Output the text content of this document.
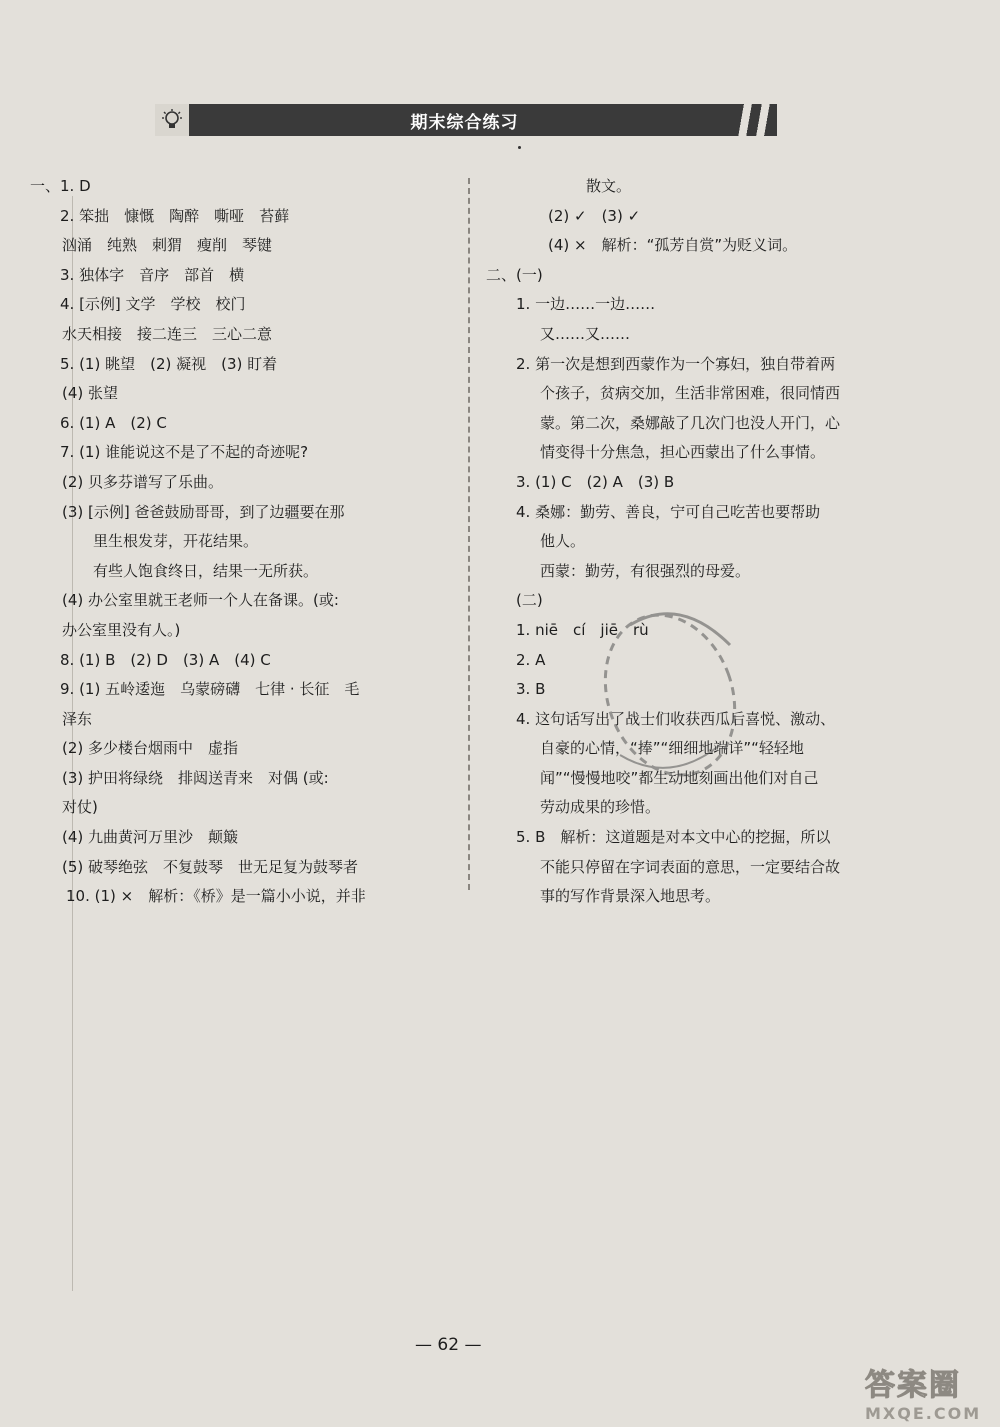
期末综合练习
一、1. D
2. 笨拙　慷慨　陶醉　嘶哑　苔藓
汹涌　纯熟　刺猬　瘦削　琴键
3. 独体字　音序　部首　横
4. [示例] 文学　学校　校门
水天相接　接二连三　三心二意
5. (1) 眺望　(2) 凝视　(3) 盯着
(4) 张望
6. (1) A　(2) C
7. (1) 谁能说这不是了不起的奇迹呢?
(2) 贝多芬谱写了乐曲。
(3) [示例] 爸爸鼓励哥哥，到了边疆要在那
里生根发芽，开花结果。
有些人饱食终日，结果一无所获。
(4) 办公室里就王老师一个人在备课。(或:
办公室里没有人。)
8. (1) B　(2) D　(3) A　(4) C
9. (1) 五岭逶迤　乌蒙磅礴　七律 · 长征　毛
泽东
(2) 多少楼台烟雨中　虚指
(3) 护田将绿绕　排闼送青来　对偶 (或:
对仗)
(4) 九曲黄河万里沙　颠簸
(5) 破琴绝弦　不复鼓琴　世无足复为鼓琴者
10. (1) ×　解析：《桥》是一篇小小说，并非
散文。
(2) ✓　(3) ✓
(4) ×　解析：“孤芳自赏”为贬义词。
二、(一)
1. 一边……一边……
又……又……
2. 第一次是想到西蒙作为一个寡妇，独自带着两
个孩子，贫病交加，生活非常困难，很同情西
蒙。第二次，桑娜敲了几次门也没人开门，心
情变得十分焦急，担心西蒙出了什么事情。
3. (1) C　(2) A　(3) B
4. 桑娜：勤劳、善良，宁可自己吃苦也要帮助
他人。
西蒙：勤劳，有很强烈的母爱。
(二)
1. niē　cí　jiē　rù
2. A
3. B
4. 这句话写出了战士们收获西瓜后喜悦、激动、
自豪的心情，“捧”“细细地端详”“轻轻地
闻”“慢慢地咬”都生动地刻画出他们对自己
劳动成果的珍惜。
5. B　解析：这道题是对本文中心的挖掘，所以
不能只停留在字词表面的意思，一定要结合故
事的写作背景深入地思考。
— 62 —
答案圈
MXQE.COM
